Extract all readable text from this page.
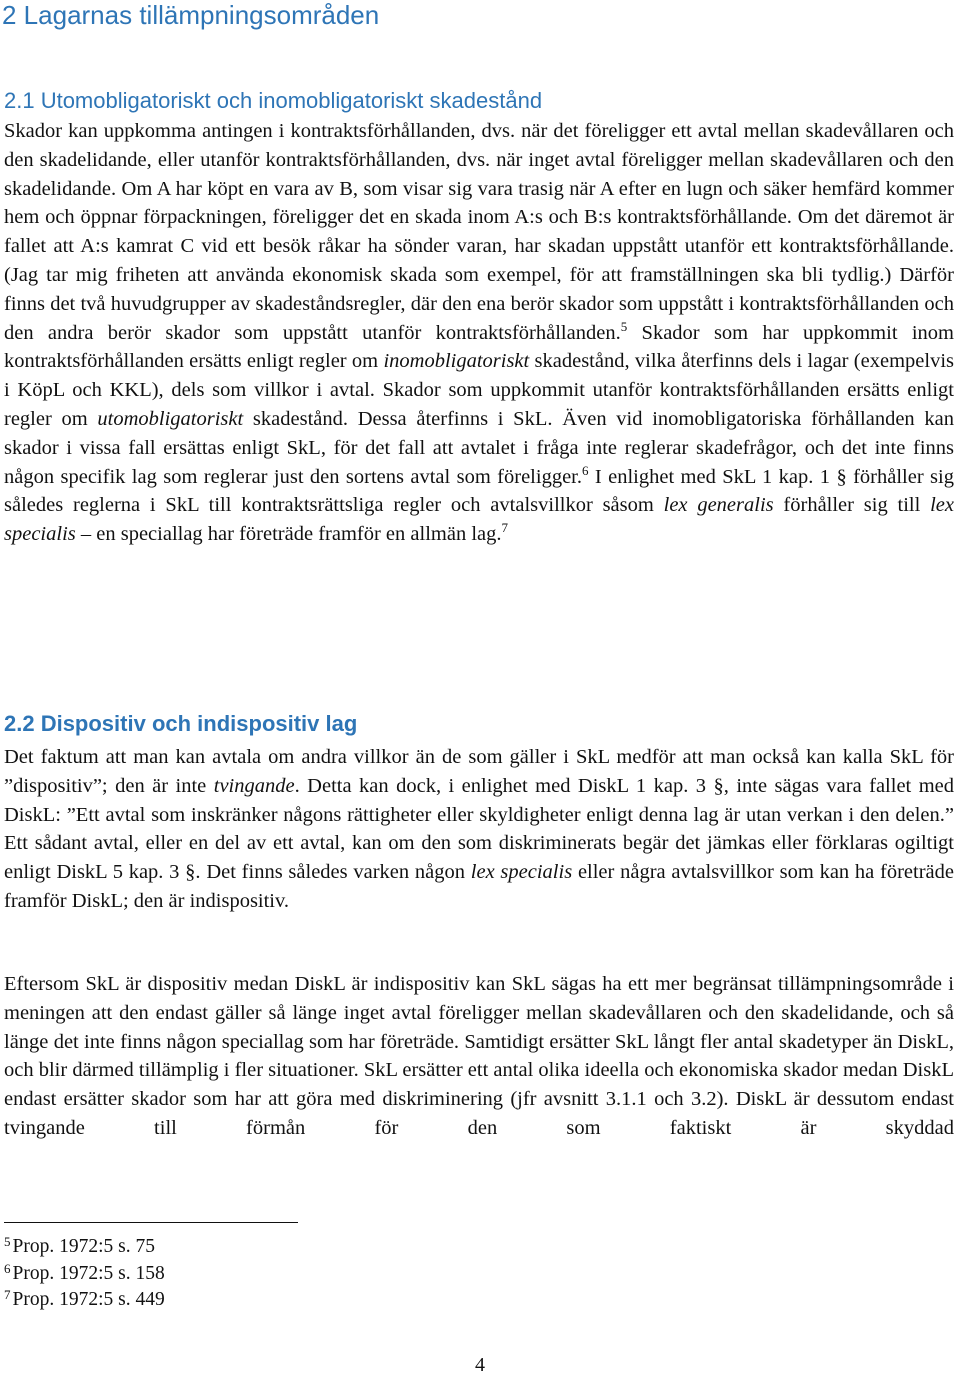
2 Lagarnas tillämpningsområden
2.1 Utomobligatoriskt och inomobligatoriskt skadestånd

Skador kan uppkomma antingen i kontraktsförhållanden, dvs. när det föreligger ett avtal mellan skadevållaren och den skadelidande, eller utanför kontraktsförhållanden, dvs. när inget avtal föreligger mellan skadevållaren och den skadelidande. Om A har köpt en vara av B, som visar sig vara trasig när A efter en lugn och säker hemfärd kommer hem och öppnar förpackningen, föreligger det en skada inom A:s och B:s kontraktsförhållande. Om det däremot är fallet att A:s kamrat C vid ett besök råkar ha sönder varan, har skadan uppstått utanför ett kontraktsförhållande. (Jag tar mig friheten att använda ekonomisk skada som exempel, för att framställningen ska bli tydlig.) Därför finns det två huvudgrupper av skadeståndsregler, där den ena berör skador som uppstått i kontraktsförhållanden och den andra berör skador som uppstått utanför kontraktsförhållanden.$^5$ Skador som har uppkommit inom kontraktsförhållanden ersätts enligt regler om inomobligatoriskt skadestånd, vilka återfinns dels i lagar (exempelvis i KöpL och KKL), dels som villkor i avtal. Skador som uppkommit utanför kontraktsförhållanden ersätts enligt regler om utomobligatoriskt skadestånd. Dessa återfinns i SkL. Även vid inomobligatoriska förhållanden kan skador i vissa fall ersättas enligt SkL, för det fall att avtalet i fråga inte reglerar skadefrågor, och det inte finns någon specifik lag som reglerar just den sortens avtal som föreligger.$^6$ I enlighet med SkL 1 kap. 1 § förhåller sig således reglerna i SkL till kontraktsrättsliga regler och avtalsvillkor såsom lex generalis förhåller sig till lex specialis – en speciallag har företräde framför en allmän lag.$^7$

2.2 Dispositiv och indispositiv lag

Det faktum att man kan avtala om andra villkor än de som gäller i SkL medför att man också kan kalla SkL för ”dispositiv”; den är inte tvingande. Detta kan dock, i enlighet med DiskL 1 kap. 3 §, inte sägas vara fallet med DiskL: ”Ett avtal som inskränker någons rättigheter eller skyldigheter enligt denna lag är utan verkan i den delen.” Ett sådant avtal, eller en del av ett avtal, kan om den som diskriminerats begär det jämkas eller förklaras ogiltigt enligt DiskL 5 kap. 3 §. Det finns således varken någon lex specialis eller några avtalsvillkor som kan ha företräde framför DiskL; den är indispositiv.

Eftersom SkL är dispositiv medan DiskL är indispositiv kan SkL sägas ha ett mer begränsat tillämpningsområde i meningen att den endast gäller så länge inget avtal föreligger mellan skadevållaren och den skadelidande, och så länge det inte finns någon speciallag som har företräde. Samtidigt ersätter SkL långt fler antal skadetyper än DiskL, och blir därmed tillämplig i fler situationer. SkL ersätter ett antal olika ideella och ekonomiska skador medan DiskL endast ersätter skador som har att göra med diskriminering (jfr avsnitt 3.1.1 och 3.2). DiskL är dessutom endast tvingande till förmån för den som faktiskt är skyddad

$^5$ Prop. 1972:5 s. 75
$^6$ Prop. 1972:5 s. 158
$^7$ Prop. 1972:5 s. 449
4
